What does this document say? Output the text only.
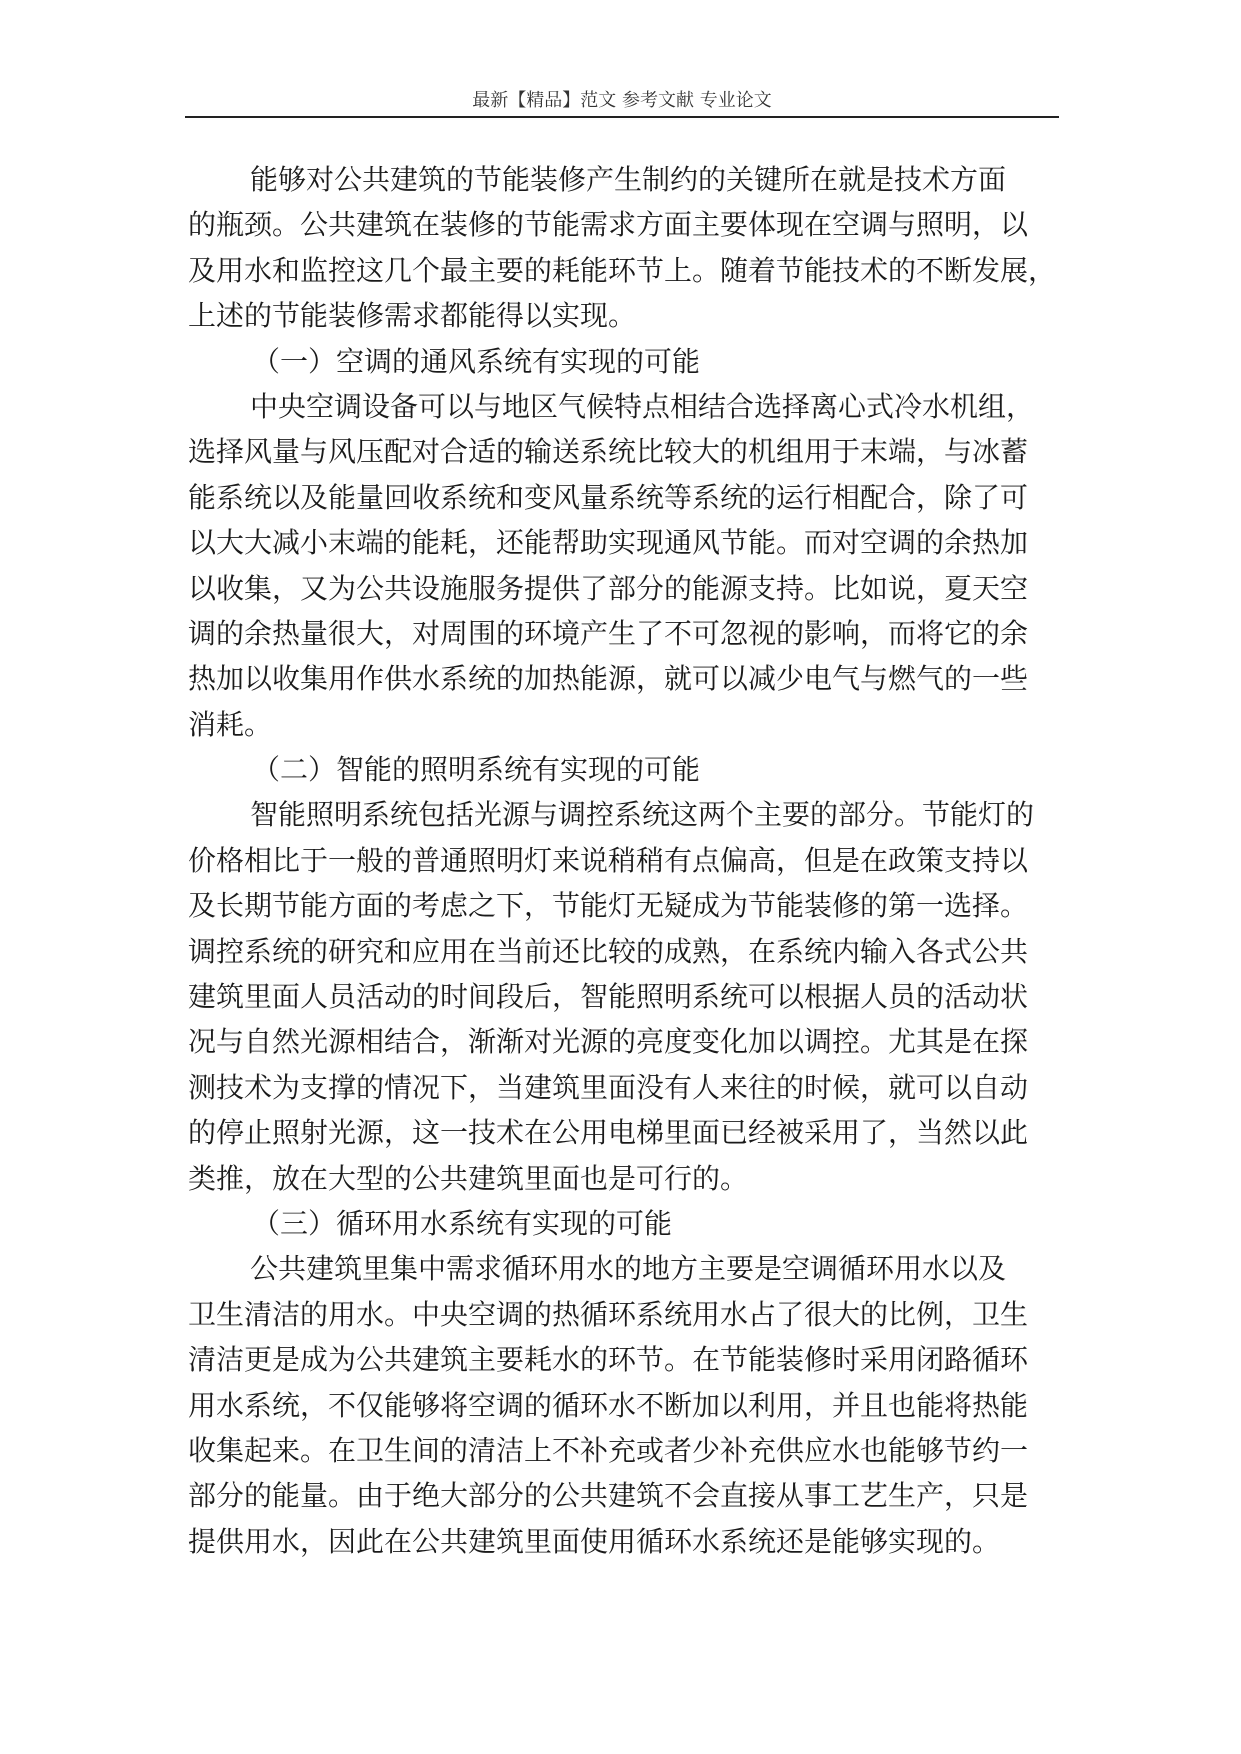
最新【精品】范文 参考文献 专业论文
能够对公共建筑的节能装修产生制约的关键所在就是技术方面
的瓶颈。公共建筑在装修的节能需求方面主要体现在空调与照明，以
及用水和监控这几个最主要的耗能环节上。随着节能技术的不断发展，
上述的节能装修需求都能得以实现。
（一）空调的通风系统有实现的可能
中央空调设备可以与地区气候特点相结合选择离心式冷水机组，
选择风量与风压配对合适的输送系统比较大的机组用于末端，与冰蓄
能系统以及能量回收系统和变风量系统等系统的运行相配合，除了可
以大大减小末端的能耗，还能帮助实现通风节能。而对空调的余热加
以收集，又为公共设施服务提供了部分的能源支持。比如说，夏天空
调的余热量很大，对周围的环境产生了不可忽视的影响，而将它的余
热加以收集用作供水系统的加热能源，就可以减少电气与燃气的一些
消耗。
（二）智能的照明系统有实现的可能
智能照明系统包括光源与调控系统这两个主要的部分。节能灯的
价格相比于一般的普通照明灯来说稍稍有点偏高，但是在政策支持以
及长期节能方面的考虑之下，节能灯无疑成为节能装修的第一选择。
调控系统的研究和应用在当前还比较的成熟，在系统内输入各式公共
建筑里面人员活动的时间段后，智能照明系统可以根据人员的活动状
况与自然光源相结合，渐渐对光源的亮度变化加以调控。尤其是在探
测技术为支撑的情况下，当建筑里面没有人来往的时候，就可以自动
的停止照射光源，这一技术在公用电梯里面已经被采用了，当然以此
类推，放在大型的公共建筑里面也是可行的。
（三）循环用水系统有实现的可能
公共建筑里集中需求循环用水的地方主要是空调循环用水以及
卫生清洁的用水。中央空调的热循环系统用水占了很大的比例，卫生
清洁更是成为公共建筑主要耗水的环节。在节能装修时采用闭路循环
用水系统，不仅能够将空调的循环水不断加以利用，并且也能将热能
收集起来。在卫生间的清洁上不补充或者少补充供应水也能够节约一
部分的能量。由于绝大部分的公共建筑不会直接从事工艺生产，只是
提供用水，因此在公共建筑里面使用循环水系统还是能够实现的。
